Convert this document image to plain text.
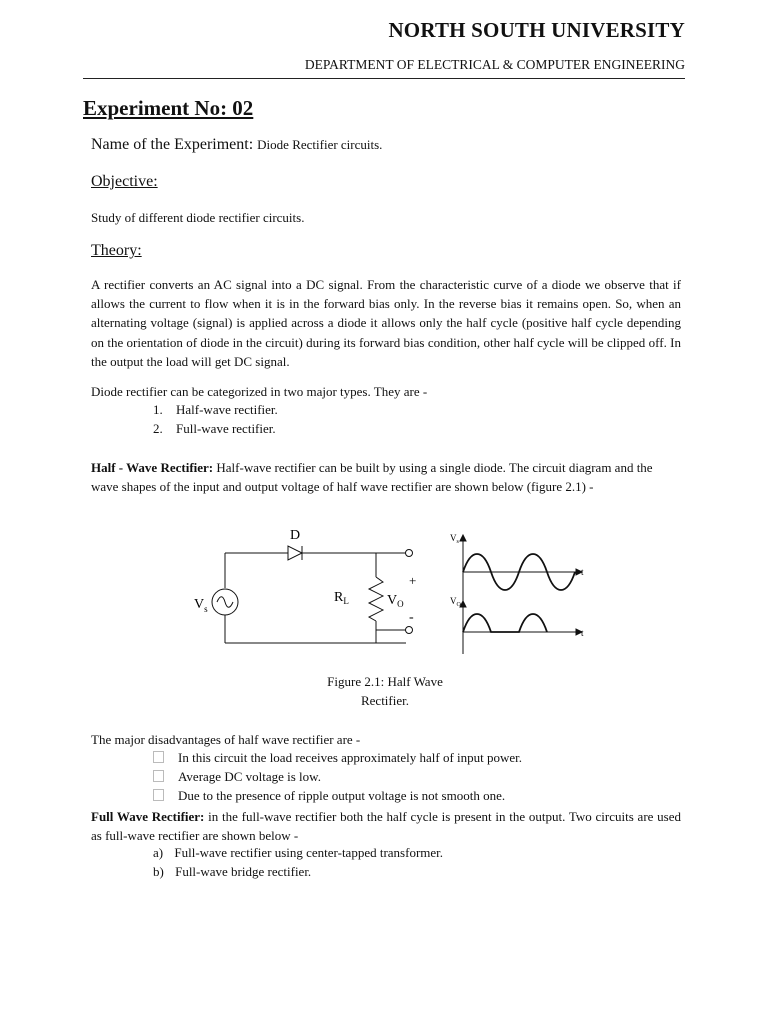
NORTH SOUTH UNIVERSITY
DEPARTMENT OF ELECTRICAL & COMPUTER ENGINEERING
Experiment No: 02
Name of the Experiment: Diode Rectifier circuits.
Objective:
Study of different diode rectifier circuits.
Theory:
A rectifier converts an AC signal into a DC signal. From the characteristic curve of a diode we observe that if allows the current to flow when it is in the forward bias only. In the reverse bias it remains open. So, when an alternating voltage (signal) is applied across a diode it allows only the half cycle (positive half cycle depending on the orientation of diode in the circuit) during its forward bias condition, other half cycle will be clipped off. In the output the load will get DC signal.
Diode rectifier can be categorized in two major types. They are -
1. Half-wave rectifier.
2. Full-wave rectifier.
Half - Wave Rectifier: Half-wave rectifier can be built by using a single diode. The circuit diagram and the wave shapes of the input and output voltage of half wave rectifier are shown below (figure 2.1) -
D
$V_s$
$R_L$	$V_O$
+
-
$V_s$
$V_O$
t
t
Figure 2.1: Half Wave
Rectifier.
The major disadvantages of half wave rectifier are -
In this circuit the load receives approximately half of input power.
Average DC voltage is low.
Due to the presence of ripple output voltage is not smooth one.
Full Wave Rectifier: in the full-wave rectifier both the half cycle is present in the output. Two circuits are used as full-wave rectifier are shown below -
a) Full-wave rectifier using center-tapped transformer.
b) Full-wave bridge rectifier.
